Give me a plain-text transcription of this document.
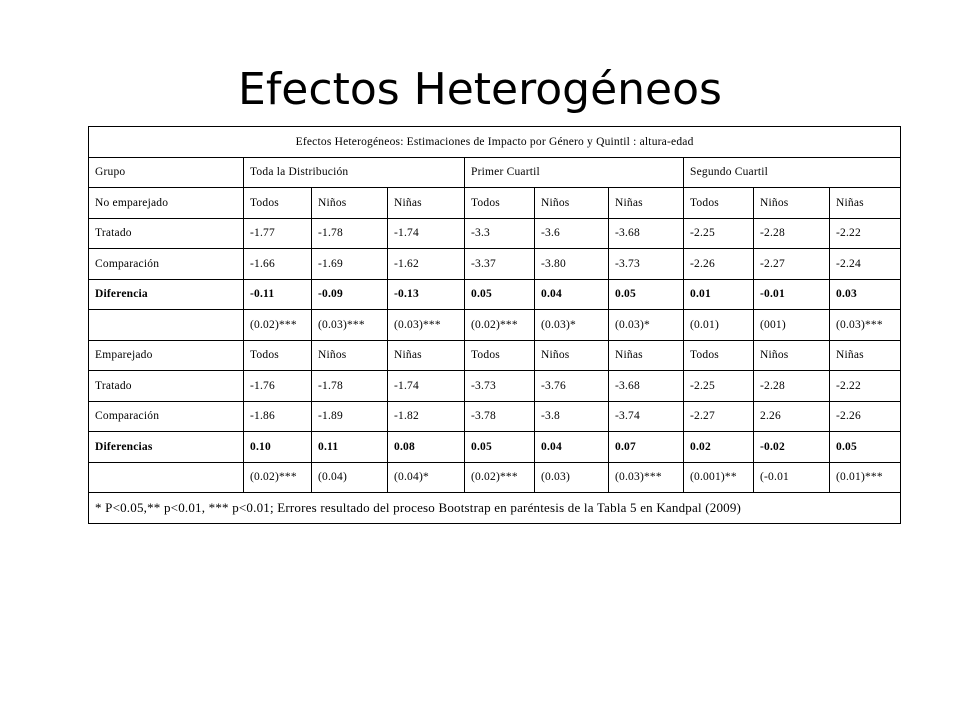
Efectos Heterogéneos
Efectos Heterogéneos: Estimaciones de Impacto por Género y Quintil : altura-edad									
Grupo	Toda la Distribución			Primer Cuartil			Segundo Cuartil		
No emparejado	Todos	Niños	Niñas	Todos	Niños	Niñas	Todos	Niños	Niñas
Tratado	-1.77	-1.78	-1.74	-3.3	-3.6	-3.68	-2.25	-2.28	-2.22
Comparación	-1.66	-1.69	-1.62	-3.37	-3.80	-3.73	-2.26	-2.27	-2.24
Diferencia	-0.11	-0.09	-0.13	0.05	0.04	0.05	0.01	-0.01	0.03
	(0.02)***	(0.03)***	(0.03)***	(0.02)***	(0.03)*	(0.03)*	(0.01)	(001)	(0.03)***
Emparejado	Todos	Niños	Niñas	Todos	Niños	Niñas	Todos	Niños	Niñas
Tratado	-1.76	-1.78	-1.74	-3.73	-3.76	-3.68	-2.25	-2.28	-2.22
Comparación	-1.86	-1.89	-1.82	-3.78	-3.8	-3.74	-2.27	2.26	-2.26
Diferencias	0.10	0.11	0.08	0.05	0.04	0.07	0.02	-0.02	0.05
	(0.02)***	(0.04)	(0.04)*	(0.02)***	(0.03)	(0.03)***	(0.001)**	(-0.01	(0.01)***
* P<0.05,** p<0.01, *** p<0.01; Errores resultado del proceso Bootstrap en paréntesis de la Tabla 5 en Kandpal (2009)									
